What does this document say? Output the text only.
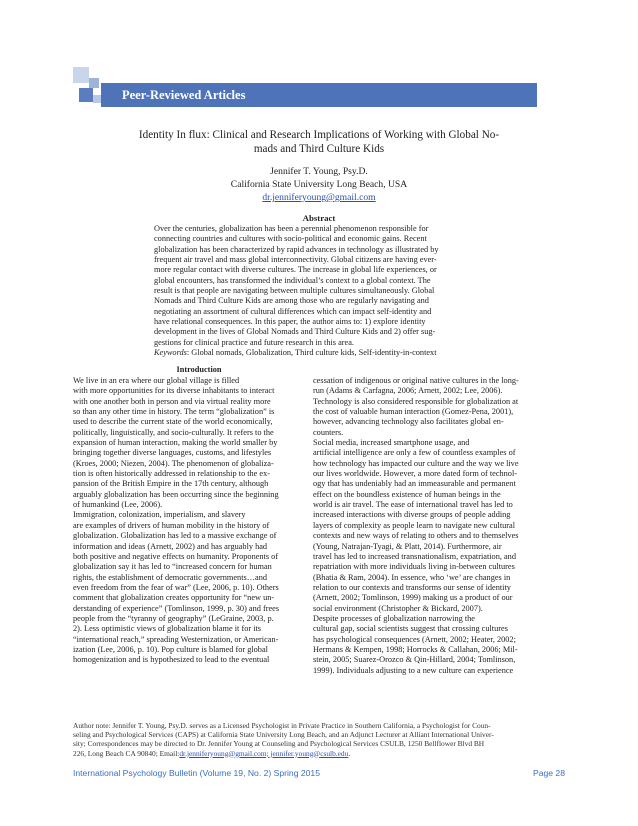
Peer-Reviewed Articles
Identity In flux: Clinical and Research Implications of Working with Global No-
mads and Third Culture Kids
Jennifer T. Young, Psy.D.
California State University Long Beach, USA
dr.jenniferyoung@gmail.com
Abstract
Over the centuries, globalization has been a perennial phenomenon responsible for
connecting countries and cultures with socio-political and economic gains. Recent
globalization has been characterized by rapid advances in technology as illustrated by
frequent air travel and mass global interconnectivity. Global citizens are having ever-
more regular contact with diverse cultures. The increase in global life experiences, or
global encounters, has transformed the individual’s context to a global context. The
result is that people are navigating between multiple cultures simultaneously. Global
Nomads and Third Culture Kids are among those who are regularly navigating and
negotiating an assortment of cultural differences which can impact self-identity and
have relational consequences. In this paper, the author aims to: 1) explore identity
development in the lives of Global Nomads and Third Culture Kids and 2) offer sug-
gestions for clinical practice and future research in this area.
Keywords: Global nomads, Globalization, Third culture kids, Self-identity-in-context
Introduction
We live in an era where our global village is filled
with more opportunities for its diverse inhabitants to interact
with one another both in person and via virtual reality more
so than any other time in history. The term “globalization” is
used to describe the current state of the world economically,
politically, linguistically, and socio-culturally. It refers to the
expansion of human interaction, making the world smaller by
bringing together diverse languages, customs, and lifestyles
(Kroes, 2000; Niezen, 2004). The phenomenon of globaliza-
tion is often historically addressed in relationship to the ex-
pansion of the British Empire in the 17th century, although
arguably globalization has been occurring since the beginning
of humankind (Lee, 2006).
Immigration, colonization, imperialism, and slavery
are examples of drivers of human mobility in the history of
globalization. Globalization has led to a massive exchange of
information and ideas (Arnett, 2002) and has arguably had
both positive and negative effects on humanity. Proponents of
globalization say it has led to “increased concern for human
rights, the establishment of democratic governments…and
even freedom from the fear of war” (Lee, 2006, p. 10). Others
comment that globalization creates opportunity for “new un-
derstanding of experience” (Tomlinson, 1999, p. 30) and frees
people from the “tyranny of geography” (LeGraine, 2003, p.
2). Less optimistic views of globalization blame it for its
“international reach,” spreading Westernization, or American-
ization (Lee, 2006, p. 10). Pop culture is blamed for global
homogenization and is hypothesized to lead to the eventual
cessation of indigenous or original native cultures in the long-
run (Adams & Carfagna, 2006; Arnett, 2002; Lee, 2006).
Technology is also considered responsible for globalization at
the cost of valuable human interaction (Gomez-Pena, 2001),
however, advancing technology also facilitates global en-
counters.
Social media, increased smartphone usage, and
artificial intelligence are only a few of countless examples of
how technology has impacted our culture and the way we live
our lives worldwide. However, a more dated form of technol-
ogy that has undeniably had an immeasurable and permanent
effect on the boundless existence of human beings in the
world is air travel. The ease of international travel has led to
increased interactions with diverse groups of people adding
layers of complexity as people learn to navigate new cultural
contexts and new ways of relating to others and to themselves
(Young, Natrajan-Tyagi, & Platt, 2014). Furthermore, air
travel has led to increased transnationalism, expatriation, and
repatriation with more individuals living in-between cultures
(Bhatia & Ram, 2004). In essence, who ‘we’ are changes in
relation to our contexts and transforms our sense of identity
(Arnett, 2002; Tomlinson, 1999) making us a product of our
social environment (Christopher & Bickard, 2007).
Despite processes of globalization narrowing the
cultural gap, social scientists suggest that crossing cultures
has psychological consequences (Arnett, 2002; Heater, 2002;
Hermans & Kempen, 1998; Horrocks & Callahan, 2006; Mil-
stein, 2005; Suarez-Orozco & Qin-Hillard, 2004; Tomlinson,
1999). Individuals adjusting to a new culture can experience
Author note: Jennifer T. Young, Psy.D. serves as a Licensed Psychologist in Private Practice in Southern California, a Psychologist for Coun-
seling and Psychological Services (CAPS) at California State University Long Beach, and an Adjunct Lecturer at Alliant International Univer-
sity; Correspondences may be directed to Dr. Jennifer Young at Counseling and Psychological Services CSULB, 1250 Bellflower Blvd BH
226, Long Beach CA 90840; Email:dr.jenniferyoung@gmail.com; jennifer.young@csulb.edu.
International Psychology Bulletin (Volume 19, No. 2) Spring 2015	Page 28
